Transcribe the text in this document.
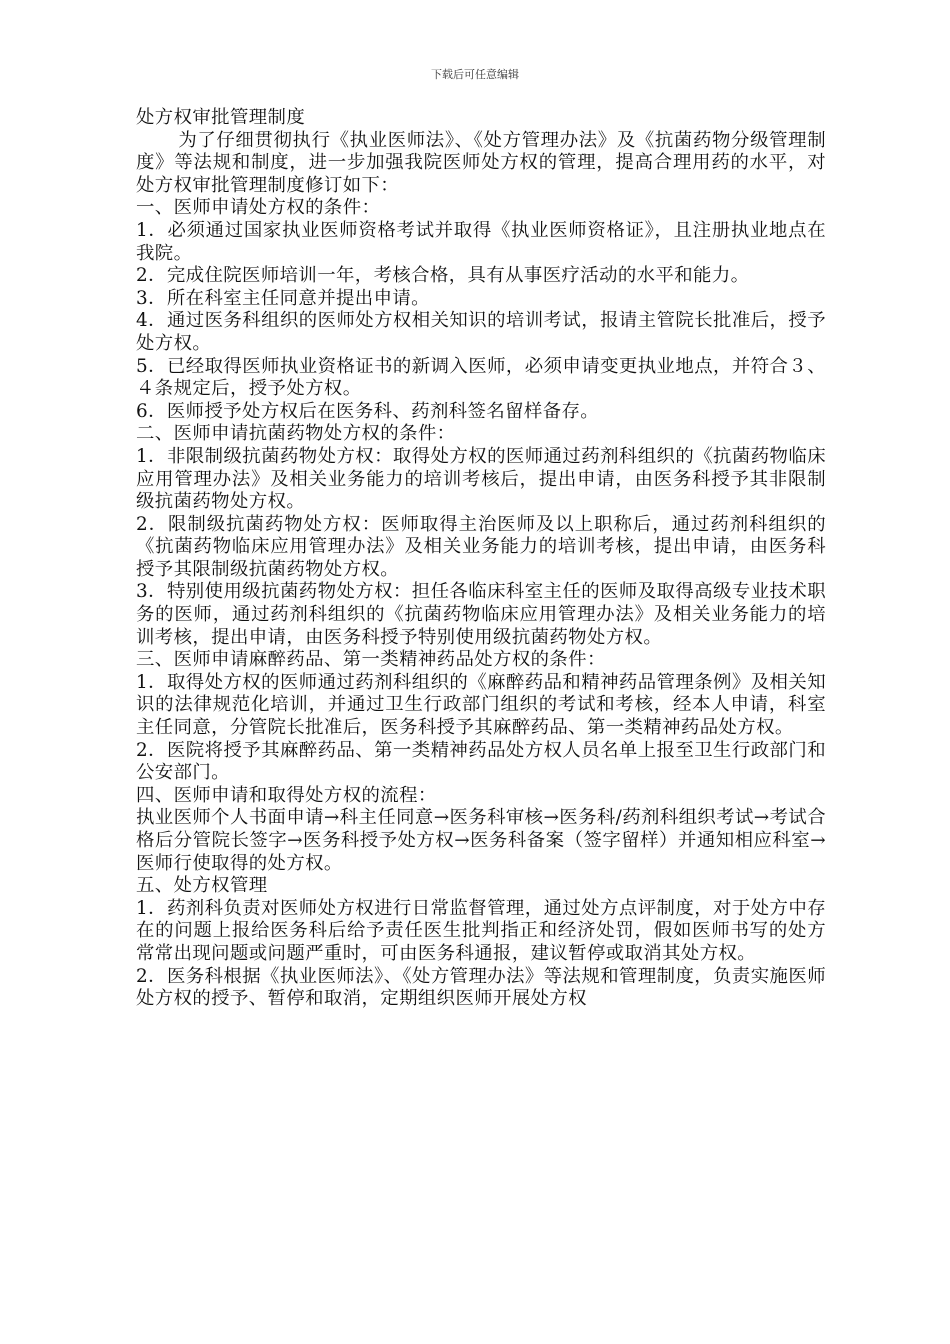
下载后可任意编辑

处方权审批管理制度

为了仔细贯彻执行《执业医师法》、《处方管理办法》及《抗菌药物分级管理制度》等法规和制度，进一步加强我院医师处方权的管理，提高合理用药的水平，对处方权审批管理制度修订如下：

一、医师申请处方权的条件：

1．必须通过国家执业医师资格考试并取得《执业医师资格证》，且注册执业地点在我院。

2．完成住院医师培训一年，考核合格，具有从事医疗活动的水平和能力。

3．所在科室主任同意并提出申请。

4．通过医务科组织的医师处方权相关知识的培训考试，报请主管院长批准后，授予处方权。

5．已经取得医师执业资格证书的新调入医师，必须申请变更执业地点，并符合３、４条规定后，授予处方权。

6．医师授予处方权后在医务科、药剂科签名留样备存。

二、医师申请抗菌药物处方权的条件：

1．非限制级抗菌药物处方权：取得处方权的医师通过药剂科组织的《抗菌药物临床应用管理办法》及相关业务能力的培训考核后，提出申请，由医务科授予其非限制级抗菌药物处方权。

2．限制级抗菌药物处方权：医师取得主治医师及以上职称后，通过药剂科组织的《抗菌药物临床应用管理办法》及相关业务能力的培训考核，提出申请，由医务科授予其限制级抗菌药物处方权。

3．特别使用级抗菌药物处方权：担任各临床科室主任的医师及取得高级专业技术职务的医师，通过药剂科组织的《抗菌药物临床应用管理办法》及相关业务能力的培训考核，提出申请，由医务科授予特别使用级抗菌药物处方权。

三、医师申请麻醉药品、第一类精神药品处方权的条件：

1．取得处方权的医师通过药剂科组织的《麻醉药品和精神药品管理条例》及相关知识的法律规范化培训，并通过卫生行政部门组织的考试和考核，经本人申请，科室主任同意，分管院长批准后，医务科授予其麻醉药品、第一类精神药品处方权。

2．医院将授予其麻醉药品、第一类精神药品处方权人员名单上报至卫生行政部门和公安部门。

四、医师申请和取得处方权的流程：

执业医师个人书面申请→科主任同意→医务科审核→医务科/药剂科组织考试→考试合格后分管院长签字→医务科授予处方权→医务科备案（签字留样）并通知相应科室→医师行使取得的处方权。

五、处方权管理

1．药剂科负责对医师处方权进行日常监督管理，通过处方点评制度，对于处方中存在的问题上报给医务科后给予责任医生批判指正和经济处罚，假如医师书写的处方常常出现问题或问题严重时，可由医务科通报，建议暂停或取消其处方权。

2．医务科根据《执业医师法》、《处方管理办法》等法规和管理制度，负责实施医师处方权的授予、暂停和取消，定期组织医师开展处方权
